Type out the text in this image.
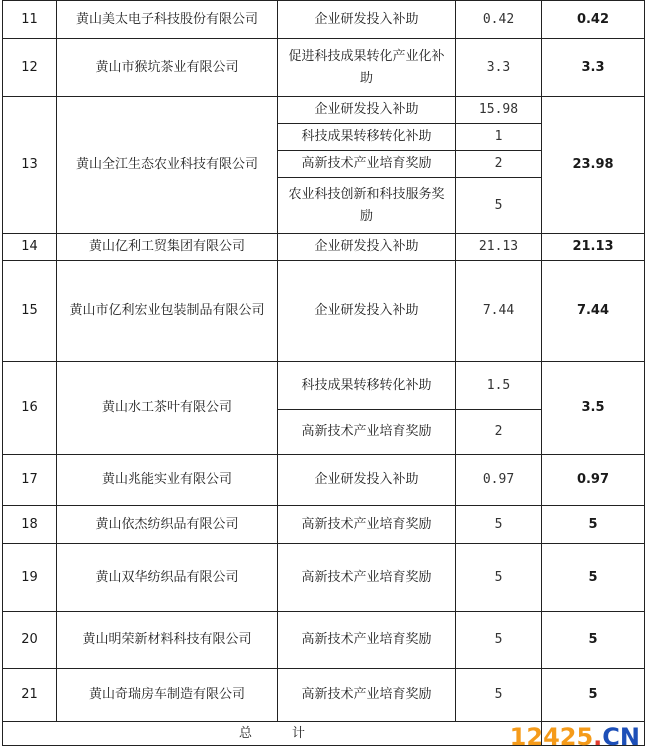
11	黄山美太电子科技股份有限公司	企业研发投入补助	0.42	0.42
12	黄山市猴坑茶业有限公司	促进科技成果转化产业化补助	3.3	3.3
13	黄山全江生态农业科技有限公司	企业研发投入补助	15.98	23.98
		科技成果转移转化补助	1	
		高新技术产业培育奖励	2	
		农业科技创新和科技服务奖励	5	
14	黄山亿利工贸集团有限公司	企业研发投入补助	21.13	21.13
15	黄山市亿利宏业包装制品有限公司	企业研发投入补助	7.44	7.44
16	黄山水工茶叶有限公司	科技成果转移转化补助	1.5	3.5
		高新技术产业培育奖励	2	
17	黄山兆能实业有限公司	企业研发投入补助	0.97	0.97
18	黄山依杰纺织品有限公司	高新技术产业培育奖励	5	5
19	黄山双华纺织品有限公司	高新技术产业培育奖励	5	5
20	黄山明荣新材料科技有限公司	高新技术产业培育奖励	5	5
21	黄山奇瑞房车制造有限公司	高新技术产业培育奖励	5	5
总 计					12425.CN
